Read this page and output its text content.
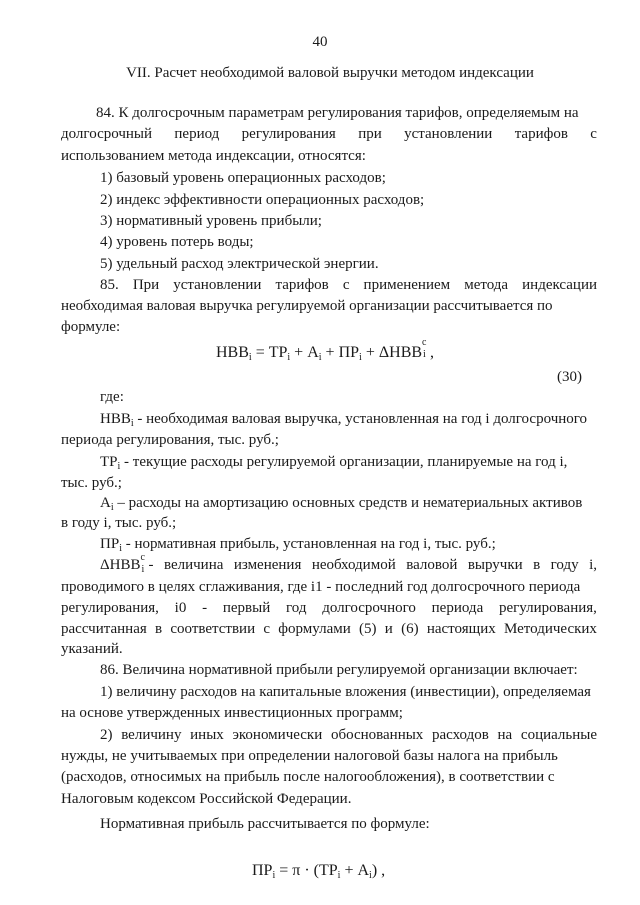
40
VII. Расчет необходимой валовой выручки методом индексации
84. К долгосрочным параметрам регулирования тарифов, определяемым на
долгосрочный период регулирования при установлении тарифов с
использованием метода индексации, относятся:
1) базовый уровень операционных расходов;
2) индекс эффективности операционных расходов;
3) нормативный уровень прибыли;
4) уровень потерь воды;
5) удельный расход электрической энергии.
85. При установлении тарифов с применением метода индексации
необходимая валовая выручка регулируемой организации рассчитывается по
формуле:
$НВВ_i = ТР_i + А_i + ПР_i + \Delta НВВ$
с
i ,
(30)
где:
$НВВ_i$ - необходимая валовая выручка, установленная на год i долгосрочного
периода регулирования, тыс. руб.;
$ТР_i$ - текущие расходы регулируемой организации, планируемые на год i,
тыс. руб.;
$А_i$ – расходы на амортизацию основных средств и нематериальных активов
в году i, тыс. руб.;
$ПР_i$ - нормативная прибыль, установленная на год i, тыс. руб.;
ΔНВВ с
i - величина изменения необходимой валовой выручки в году i,
проводимого в целях сглаживания, где i1 - последний год долгосрочного периода
регулирования, i0 - первый год долгосрочного периода регулирования,
рассчитанная в соответствии с формулами (5) и (6) настоящих Методических
указаний.
86. Величина нормативной прибыли регулируемой организации включает:
1) величину расходов на капитальные вложения (инвестиции), определяемая
на основе утвержденных инвестиционных программ;
2) величину иных экономически обоснованных расходов на социальные
нужды, не учитываемых при определении налоговой базы налога на прибыль
(расходов, относимых на прибыль после налогообложения), в соответствии с
Налоговым кодексом Российской Федерации.
Нормативная прибыль рассчитывается по формуле:
$ПР_i = \pi \cdot (ТР_i + А_i)$ ,
